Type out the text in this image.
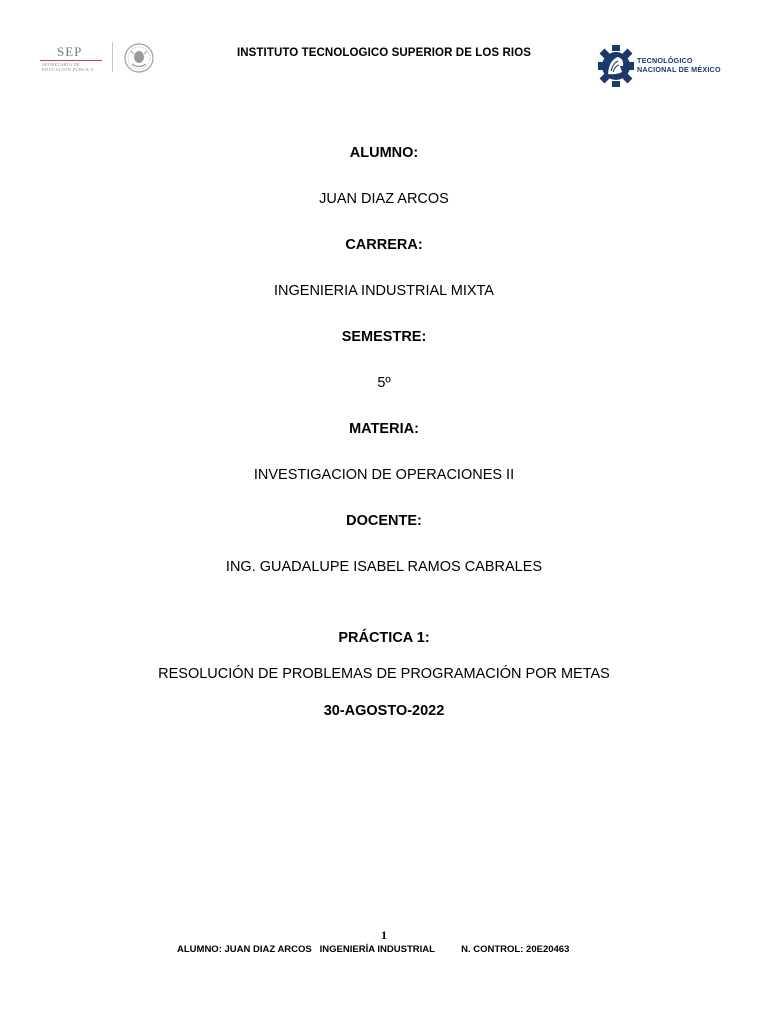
SEP
SECRETARÍA DE
EDUCACIÓN PÚBLICA
INSTITUTO TECNOLOGICO SUPERIOR DE LOS RIOS
TECNOLÓGICO
NACIONAL DE MÉXICO
ALUMNO:
JUAN DIAZ ARCOS
CARRERA:
INGENIERIA INDUSTRIAL MIXTA
SEMESTRE:
5º
MATERIA:
INVESTIGACION DE OPERACIONES II
DOCENTE:
ING. GUADALUPE ISABEL RAMOS CABRALES
PRÁCTICA 1:
RESOLUCIÓN DE PROBLEMAS DE PROGRAMACIÓN POR METAS
30-AGOSTO-2022
1
ALUMNO: JUAN DIAZ ARCOS   INGENIERÍA INDUSTRIAL          N. CONTROL: 20E20463
